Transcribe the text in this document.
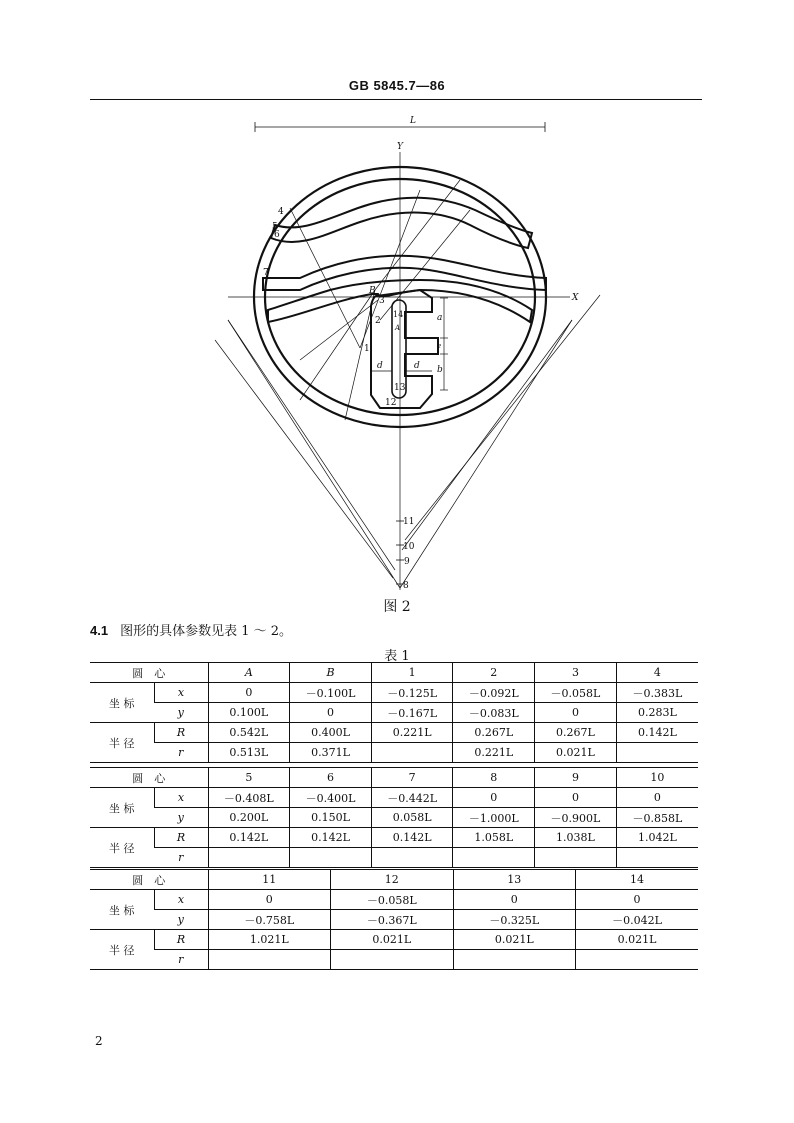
GB 5845.7—86
L
Y
X
B
A
1
2
3
4
5
6
7
8
9
10
11
12
13
14	a
b
e
d	d
图 2
4.1 图形的具体参数见表 1 ～ 2。
表 1
圆　心		A	B	1	2	3	4
坐 标	x	0	－0.100L	－0.125L	－0.092L	－0.058L	－0.383L
	y	0.100L	0	－0.167L	－0.083L	0	0.283L
半 径	R	0.542L	0.400L	0.221L	0.267L	0.267L	0.142L
	r	0.513L	0.371L		0.221L	0.021L	
圆　心		5	6	7	8	9	10
坐 标	x	－0.408L	－0.400L	－0.442L	0	0	0
	y	0.200L	0.150L	0.058L	－1.000L	－0.900L	－0.858L
半 径	R	0.142L	0.142L	0.142L	1.058L	1.038L	1.042L
	r						
圆　心		11	12	13	14
坐 标	x	0	－0.058L	0	0
	y	－0.758L	－0.367L	－0.325L	－0.042L
半 径	R	1.021L	0.021L	0.021L	0.021L
	r				
2
